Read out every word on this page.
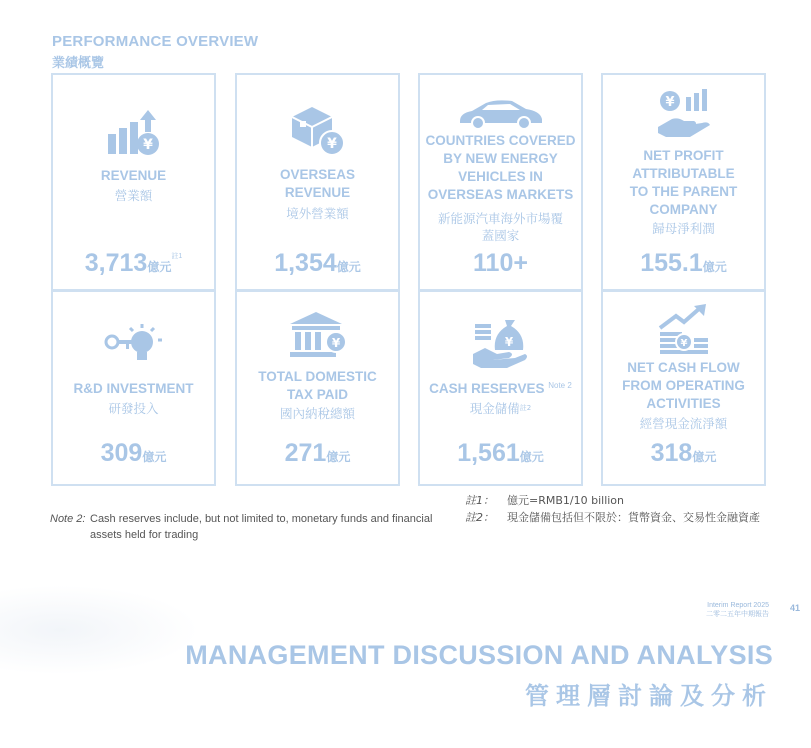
PERFORMANCE OVERVIEW
業績概覽
¥
REVENUE
營業額
3,713億元$^{註1}$
¥
OVERSEAS
REVENUE
境外營業額
1,354億元
COUNTRIES COVERED
BY NEW ENERGY
VEHICLES IN
OVERSEAS MARKETS
新能源汽車海外市場覆蓋國家
110+
¥
NET PROFIT
ATTRIBUTABLE
TO THE PARENT
COMPANY
歸母淨利潤
155.1億元
R&D INVESTMENT
研發投入
309億元
¥
TOTAL DOMESTIC
TAX PAID
國內納稅總額
271億元
¥
CASH RESERVES $^{Note 2}$
現金儲備$^{註2}$
1,561億元
¥
NET CASH FLOW
FROM OPERATING
ACTIVITIES
經營現金流淨額
318億元
Note 2: Cash reserves include, but not limited to, monetary funds and financial assets held for trading
註1： 億元=RMB1/10 billion
註2： 現金儲備包括但不限於：貨幣資金、交易性金融資產
Interim Report 2025
二零二五年中期報告
41
MANAGEMENT DISCUSSION AND ANALYSIS
管理層討論及分析
